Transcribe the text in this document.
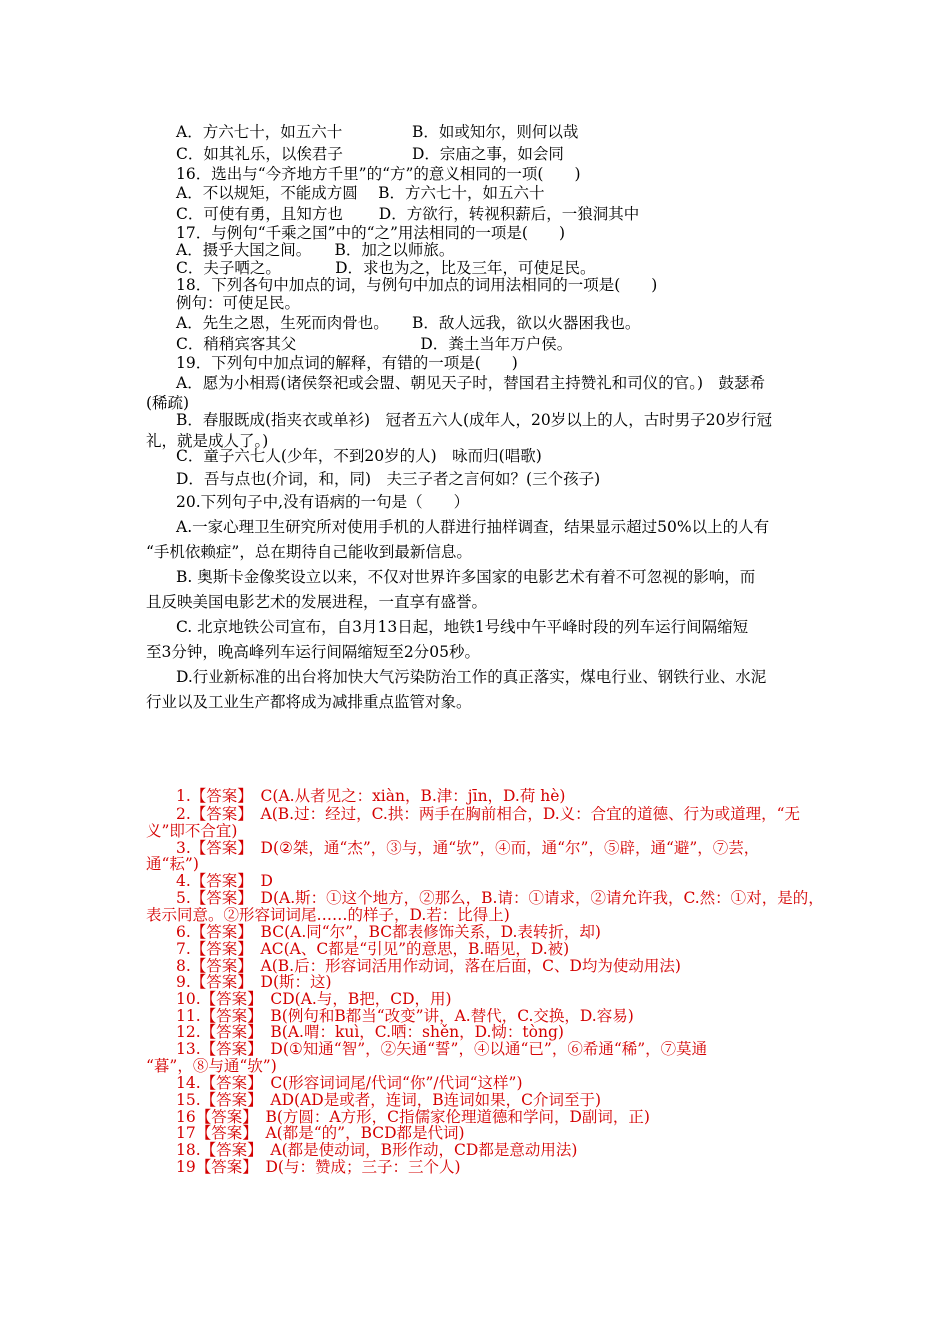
A．方六七十，如五六十	B．如或知尔，则何以哉
C．如其礼乐，以俟君子	D．宗庙之事，如会同
16．选出与“今齐地方千里”的“方”的意义相同的一项(　　)
A．不以规矩，不能成方圆　 B．方六七十，如五六十
C．可使有勇，且知方也　　 D．方欲行，转视积薪后，一狼洞其中
17．与例句“千乘之国”中的“之”用法相同的一项是(　　)
A．摄乎大国之间。　　B．加之以师旅。
C．夫子哂之。　　　　D．求也为之，比及三年，可使足民。
18．下列各句中加点的词，与例句中加点的词用法相同的一项是(　　)
例句：可使足民。
A．先生之恩，生死而肉骨也。　　B．敌人远我，欲以火器困我也。
C．稍稍宾客其父　　　　　　　　D．粪土当年万户侯。
19．下列句中加点词的解释，有错的一项是(　　)
A．愿为小相焉(诸侯祭祀或会盟、朝见天子时，替国君主持赞礼和司仪的官。)　鼓瑟希
(稀疏)
B．春服既成(指夹衣或单衫)　冠者五六人(成年人，20岁以上的人，古时男子20岁行冠
礼，就是成人了。)
C．童子六七人(少年，不到20岁的人)　咏而归(唱歌)
D．吾与点也(介词，和，同)　夫三子者之言何如？(三个孩子)
20.下列句子中,没有语病的一句是（　　）
A.一家心理卫生研究所对使用手机的人群进行抽样调查，结果显示超过50%以上的人有
“手机依赖症”，总在期待自己能收到最新信息。
B. 奥斯卡金像奖设立以来，不仅对世界许多国家的电影艺术有着不可忽视的影响，而
且反映美国电影艺术的发展进程，一直享有盛誉。
C. 北京地铁公司宣布，自3月13日起，地铁1号线中午平峰时段的列车运行间隔缩短
至3分钟，晚高峰列车运行间隔缩短至2分05秒。
D.行业新标准的出台将加快大气污染防治工作的真正落实，煤电行业、钢铁行业、水泥
行业以及工业生产都将成为减排重点监管对象。
1.【答案】　C(A.从者见之：xiàn，B.津：jīn，D.荷 hè)
2.【答案】　A(B.过：经过，C.拱：两手在胸前相合，D.义：合宜的道德、行为或道理，“无
义”即不合宜)
3.【答案】　D(②桀，通“杰”，③与，通“欤”，④而，通“尔”，⑤辟，通“避”，⑦芸，
通“耘”)
4.【答案】　D
5.【答案】　D(A.斯：①这个地方，②那么，B.请：①请求，②请允许我，C.然：①对，是的，
表示同意。②形容词词尾……的样子，D.若：比得上)
6.【答案】　BC(A.同“尔”，BC都表修饰关系，D.表转折，却)
7.【答案】　AC(A、C都是“引见”的意思，B.晤见，D.被)
8.【答案】　A(B.后：形容词活用作动词，落在后面，C、D均为使动用法)
9.【答案】　D(斯：这)
10.【答案】　CD(A.与，B把，CD，用)
11.【答案】　B(例句和B都当“改变”讲，A.替代，C.交换，D.容易)
12.【答案】　B(A.喟：kuì，C.哂：shěn，D.恸：tòng)
13.【答案】　D(①知通“智”，②矢通“誓”，④以通“已”，⑥希通“稀”，⑦莫通
“暮”，⑧与通“欤”)
14.【答案】　C(形容词词尾/代词“你”/代词“这样”)
15.【答案】　AD(AD是或者，连词，B连词如果，C介词至于)
16【答案】　B(方圆：A方形，C指儒家伦理道德和学问，D副词，正)
17【答案】　A(都是“的”，BCD都是代词)
18.【答案】　A(都是使动词，B形作动，CD都是意动用法)
19【答案】　D(与：赞成；三子：三个人)
